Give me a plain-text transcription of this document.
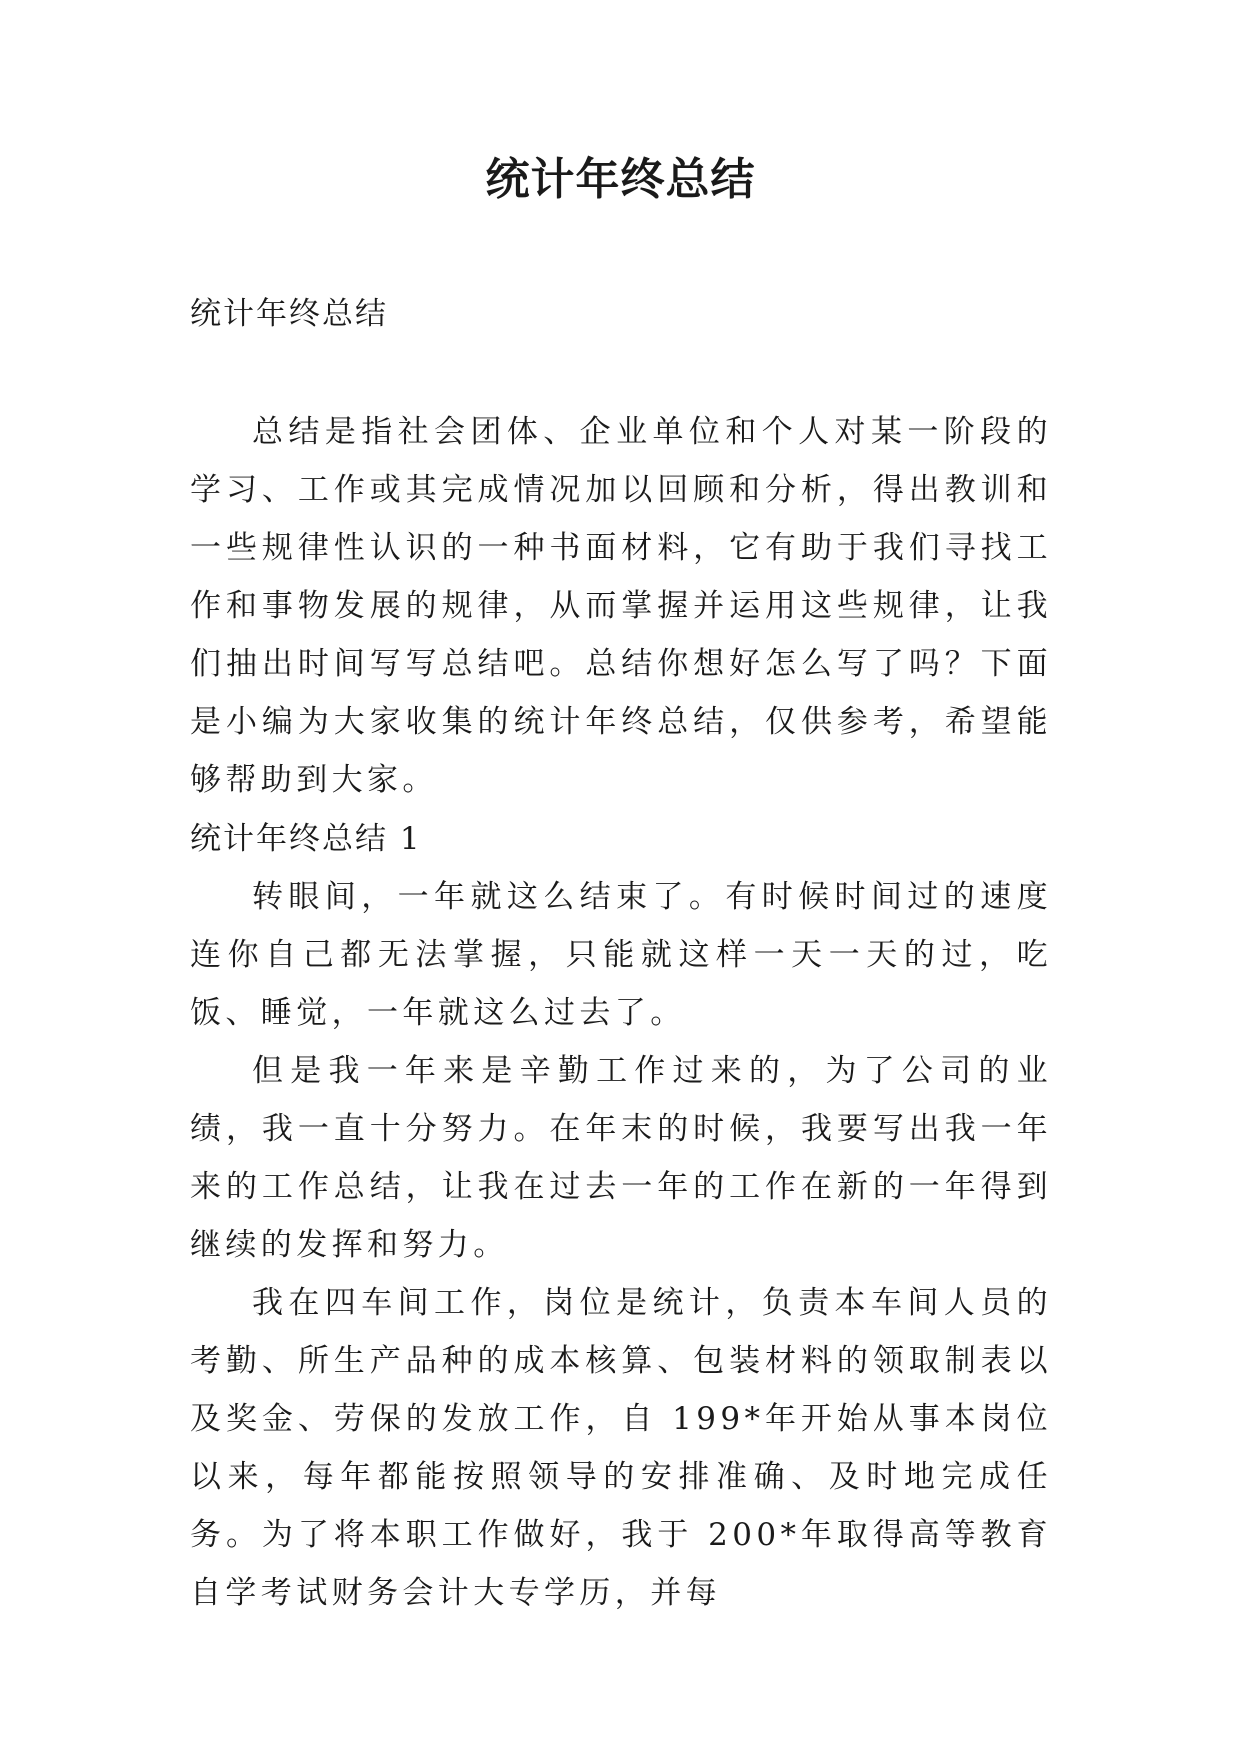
统计年终总结

统计年终总结

总结是指社会团体、企业单位和个人对某一阶段的学习、工作或其完成情况加以回顾和分析，得出教训和一些规律性认识的一种书面材料，它有助于我们寻找工作和事物发展的规律，从而掌握并运用这些规律，让我们抽出时间写写总结吧。总结你想好怎么写了吗？下面是小编为大家收集的统计年终总结，仅供参考，希望能够帮助到大家。

统计年终总结 1

转眼间，一年就这么结束了。有时候时间过的速度连你自己都无法掌握，只能就这样一天一天的过，吃饭、睡觉，一年就这么过去了。

但是我一年来是辛勤工作过来的，为了公司的业绩，我一直十分努力。在年末的时候，我要写出我一年来的工作总结，让我在过去一年的工作在新的一年得到继续的发挥和努力。

我在四车间工作，岗位是统计，负责本车间人员的考勤、所生产品种的成本核算、包装材料的领取制表以及奖金、劳保的发放工作，自 199*年开始从事本岗位以来，每年都能按照领导的安排准确、及时地完成任务。为了将本职工作做好，我于 200*年取得高等教育自学考试财务会计大专学历，并每
